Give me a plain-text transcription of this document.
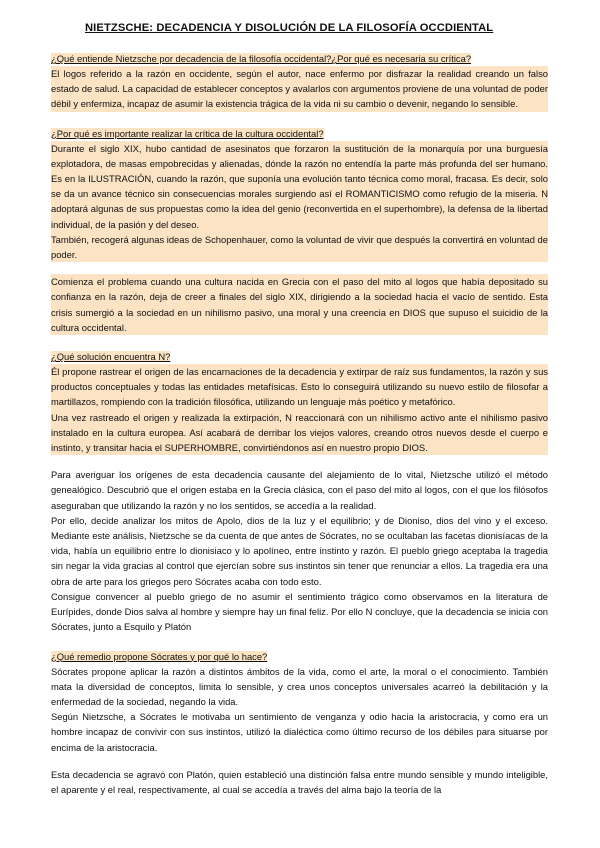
NIETZSCHE: DECADENCIA Y DISOLUCIÓN DE LA FILOSOFÍA OCCDIENTAL
¿Qué entiende Nietzsche por decadencia de la filosofía occidental?¿Por qué es necesaria su crítica?

El logos referido a la razón en occidente, según el autor, nace enfermo por disfrazar la realidad creando un falso estado de salud. La capacidad de establecer conceptos y avalarlos con argumentos proviene de una voluntad de poder débil y enfermiza, incapaz de asumir la existencia trágica de la vida ni su cambio o devenir, negando lo sensible.

¿Por qué es importante realizar la crítica de la cultura occidental?

Durante el siglo XIX, hubo cantidad de asesinatos que forzaron la sustitución de la monarquía por una burguesía explotadora, de masas empobrecidas y alienadas, dónde la razón no entendía la parte más profunda del ser humano. Es en la ILUSTRACIÓN, cuando la razón, que suponía una evolución tanto técnica como moral, fracasa. Es decir, solo se da un avance técnico sin consecuencias morales surgiendo así el ROMANTICISMO como refugio de la miseria. N adoptará algunas de sus propuestas como la idea del genio (reconvertida en el superhombre), la defensa de la libertad individual, de la pasión y del deseo.

También, recogerá algunas ideas de Schopenhauer, como la voluntad de vivir que después la convertirá en voluntad de poder.

Comienza el problema cuando una cultura nacida en Grecia con el paso del mito al logos que había depositado su confianza en la razón, deja de creer a finales del siglo XIX, dirigiendo a la sociedad hacia el vacío de sentido. Esta crisis sumergió a la sociedad en un nihilismo pasivo, una moral y una creencia en DIOS que supuso el suicidio de la cultura occidental.

¿Qué solución encuentra N?

Él propone rastrear el origen de las encarnaciones de la decadencia y extirpar de raíz sus fundamentos, la razón y sus productos conceptuales y todas las entidades metafísicas. Esto lo conseguirá utilizando su nuevo estilo de filosofar a martillazos, rompiendo con la tradición filosófica, utilizando un lenguaje más poético y metafórico.

Una vez rastreado el origen y realizada la extirpación, N reaccionará con un nihilismo activo ante el nihilismo pasivo instalado en la cultura europea. Así acabará de derribar los viejos valores, creando otros nuevos desde el cuerpo e instinto, y transitar hacia el SUPERHOMBRE, convirtiéndonos así en nuestro propio DIOS.

Para averiguar los orígenes de esta decadencia causante del alejamiento de lo vital, Nietzsche utilizó el método genealógico. Descubrió que el origen estaba en la Grecia clásica, con el paso del mito al logos, con el que los filósofos aseguraban que utilizando la razón y no los sentidos, se accedía a la realidad.

Por ello, decide analizar los mitos de Apolo, dios de la luz y el equilibrio; y de Dioniso, dios del vino y el exceso. Mediante este análisis, Nietzsche se da cuenta de que antes de Sócrates, no se ocultaban las facetas dionisíacas de la vida, había un equilibrio entre lo dionisiaco y lo apolíneo, entre instinto y razón. El pueblo griego aceptaba la tragedia sin negar la vida gracias al control que ejercían sobre sus instintos sin tener que renunciar a ellos. La tragedia era una obra de arte para los griegos pero Sócrates acaba con todo esto.

Consigue convencer al pueblo griego de no asumir el sentimiento trágico como observamos en la literatura de Eurípides, donde Dios salva al hombre y siempre hay un final feliz. Por ello N concluye, que la decadencia se inicia con Sócrates, junto a Esquilo y Platón

¿Qué remedio propone Sócrates y por qué lo hace?

Sócrates propone aplicar la razón a distintos ámbitos de la vida, como el arte, la moral o el conocimiento. También mata la diversidad de conceptos, limita lo sensible, y crea unos conceptos universales acarreó la debilitación y la enfermedad de la sociedad, negando la vida.

Según Nietzsche, a Sócrates le motivaba un sentimiento de venganza y odio hacia la aristocracia, y como era un hombre incapaz de convivir con sus instintos, utilizó la dialéctica como último recurso de los débiles para situarse por encima de la aristocracia.

Esta decadencia se agravó con Platón, quien estableció una distinción falsa entre mundo sensible y mundo inteligible, el aparente y el real, respectivamente, al cual se accedía a través del alma bajo la teoría de la
